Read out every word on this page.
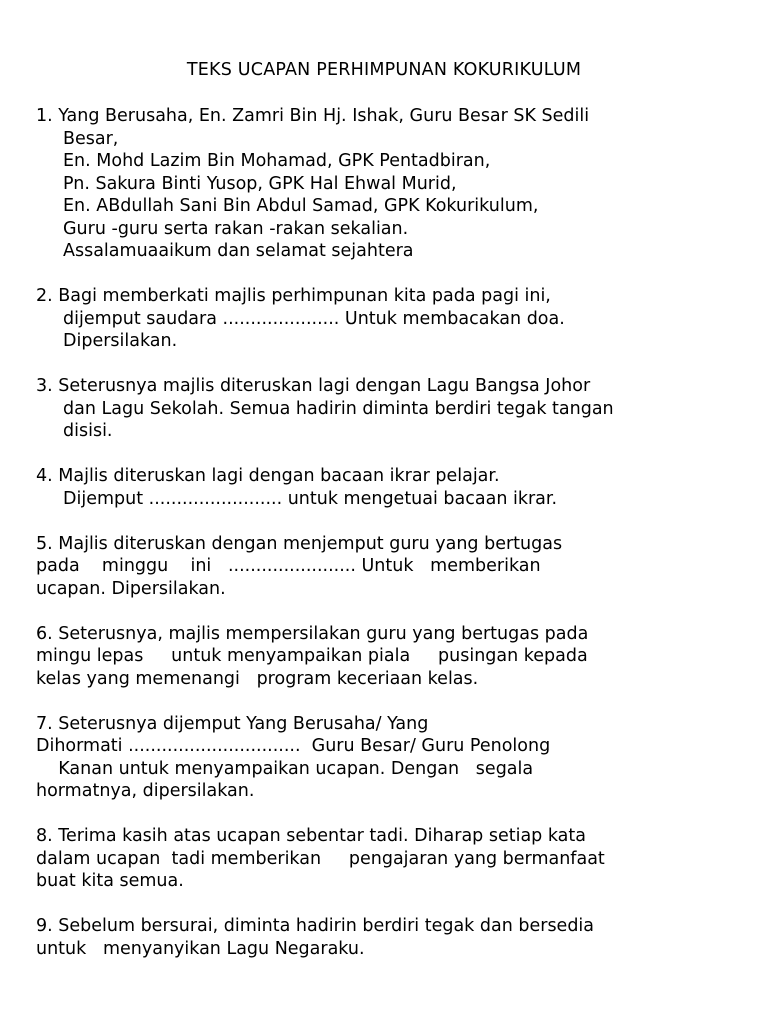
TEKS UCAPAN PERHIMPUNAN KOKURIKULUM
1. Yang Berusaha, En. Zamri Bin Hj. Ishak, Guru Besar SK Sedili
Besar,
En. Mohd Lazim Bin Mohamad, GPK Pentadbiran,
Pn. Sakura Binti Yusop, GPK Hal Ehwal Murid,
En. ABdullah Sani Bin Abdul Samad, GPK Kokurikulum,
Guru -guru serta rakan -rakan sekalian.
Assalamuaaikum dan selamat sejahtera
2. Bagi memberkati majlis perhimpunan kita pada pagi ini,
dijemput saudara ..................... Untuk membacakan doa.
Dipersilakan.
3. Seterusnya majlis diteruskan lagi dengan Lagu Bangsa Johor
dan Lagu Sekolah. Semua hadirin diminta berdiri tegak tangan
disisi.
4. Majlis diteruskan lagi dengan bacaan ikrar pelajar.
Dijemput ........................ untuk mengetuai bacaan ikrar.
5. Majlis diteruskan dengan menjemput guru yang bertugas
pada    minggu    ini   ....................... Untuk   memberikan
ucapan. Dipersilakan.
6. Seterusnya, majlis mempersilakan guru yang bertugas pada
mingu lepas     untuk menyampaikan piala     pusingan kepada
kelas yang memenangi   program keceriaan kelas.
7. Seterusnya dijemput Yang Berusaha/ Yang
Dihormati ...............................  Guru Besar/ Guru Penolong
Kanan untuk menyampaikan ucapan. Dengan   segala
hormatnya, dipersilakan.
8. Terima kasih atas ucapan sebentar tadi. Diharap setiap kata
dalam ucapan  tadi memberikan     pengajaran yang bermanfaat
buat kita semua.
9. Sebelum bersurai, diminta hadirin berdiri tegak dan bersedia
untuk   menyanyikan Lagu Negaraku.
